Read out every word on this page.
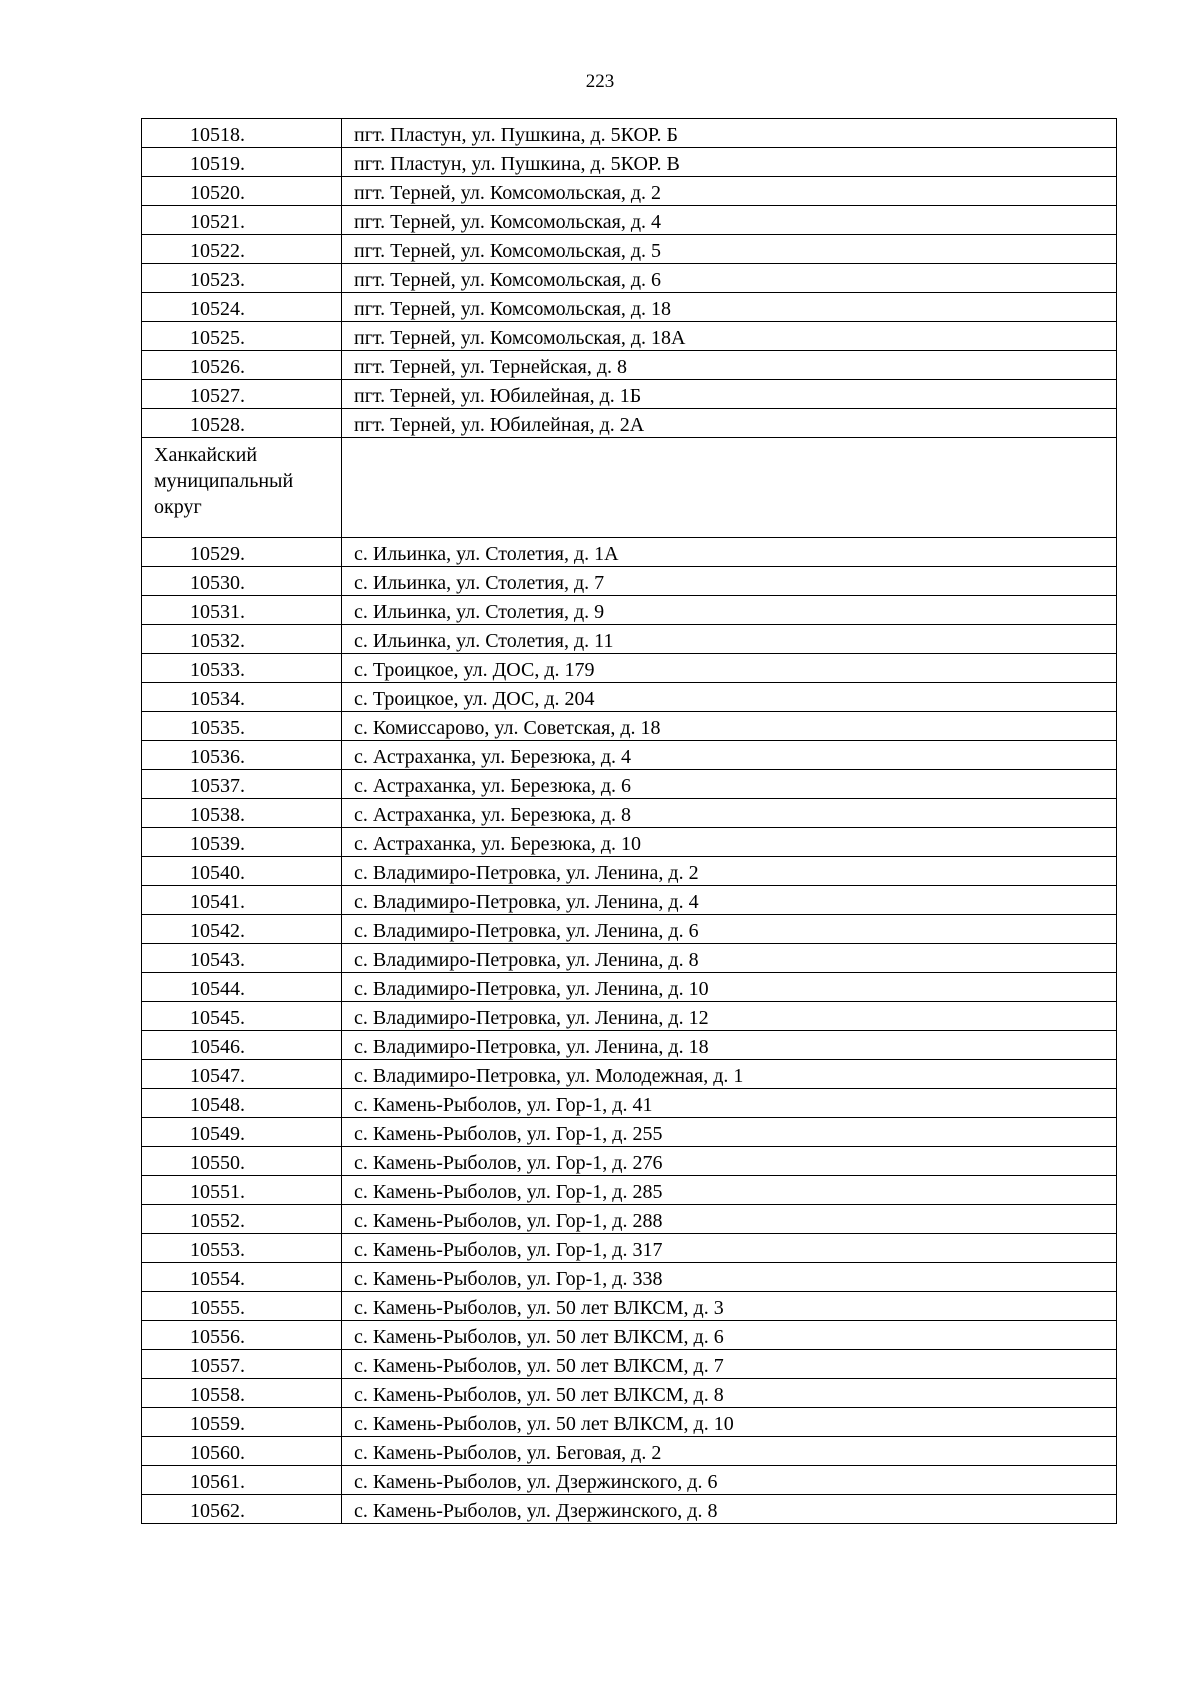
223
10518.	пгт. Пластун, ул. Пушкина, д. 5КОР. Б
10519.	пгт. Пластун, ул. Пушкина, д. 5КОР. В
10520.	пгт. Терней, ул. Комсомольская, д. 2
10521.	пгт. Терней, ул. Комсомольская, д. 4
10522.	пгт. Терней, ул. Комсомольская, д. 5
10523.	пгт. Терней, ул. Комсомольская, д. 6
10524.	пгт. Терней, ул. Комсомольская, д. 18
10525.	пгт. Терней, ул. Комсомольская, д. 18А
10526.	пгт. Терней, ул. Тернейская, д. 8
10527.	пгт. Терней, ул. Юбилейная, д. 1Б
10528.	пгт. Терней, ул. Юбилейная, д. 2А

Ханкайский
муниципальный
округ	

10529.	с. Ильинка, ул. Столетия, д. 1А
10530.	с. Ильинка, ул. Столетия, д. 7
10531.	с. Ильинка, ул. Столетия, д. 9
10532.	с. Ильинка, ул. Столетия, д. 11
10533.	с. Троицкое, ул. ДОС, д. 179
10534.	с. Троицкое, ул. ДОС, д. 204
10535.	с. Комиссарово, ул. Советская, д. 18
10536.	с. Астраханка, ул. Березюка, д. 4
10537.	с. Астраханка, ул. Березюка, д. 6
10538.	с. Астраханка, ул. Березюка, д. 8
10539.	с. Астраханка, ул. Березюка, д. 10
10540.	с. Владимиро-Петровка, ул. Ленина, д. 2
10541.	с. Владимиро-Петровка, ул. Ленина, д. 4
10542.	с. Владимиро-Петровка, ул. Ленина, д. 6
10543.	с. Владимиро-Петровка, ул. Ленина, д. 8
10544.	с. Владимиро-Петровка, ул. Ленина, д. 10
10545.	с. Владимиро-Петровка, ул. Ленина, д. 12
10546.	с. Владимиро-Петровка, ул. Ленина, д. 18
10547.	с. Владимиро-Петровка, ул. Молодежная, д. 1
10548.	с. Камень-Рыболов, ул. Гор-1, д. 41
10549.	с. Камень-Рыболов, ул. Гор-1, д. 255
10550.	с. Камень-Рыболов, ул. Гор-1, д. 276
10551.	с. Камень-Рыболов, ул. Гор-1, д. 285
10552.	с. Камень-Рыболов, ул. Гор-1, д. 288
10553.	с. Камень-Рыболов, ул. Гор-1, д. 317
10554.	с. Камень-Рыболов, ул. Гор-1, д. 338
10555.	с. Камень-Рыболов, ул. 50 лет ВЛКСМ, д. 3
10556.	с. Камень-Рыболов, ул. 50 лет ВЛКСМ, д. 6
10557.	с. Камень-Рыболов, ул. 50 лет ВЛКСМ, д. 7
10558.	с. Камень-Рыболов, ул. 50 лет ВЛКСМ, д. 8
10559.	с. Камень-Рыболов, ул. 50 лет ВЛКСМ, д. 10
10560.	с. Камень-Рыболов, ул. Беговая, д. 2
10561.	с. Камень-Рыболов, ул. Дзержинского, д. 6
10562.	с. Камень-Рыболов, ул. Дзержинского, д. 8
